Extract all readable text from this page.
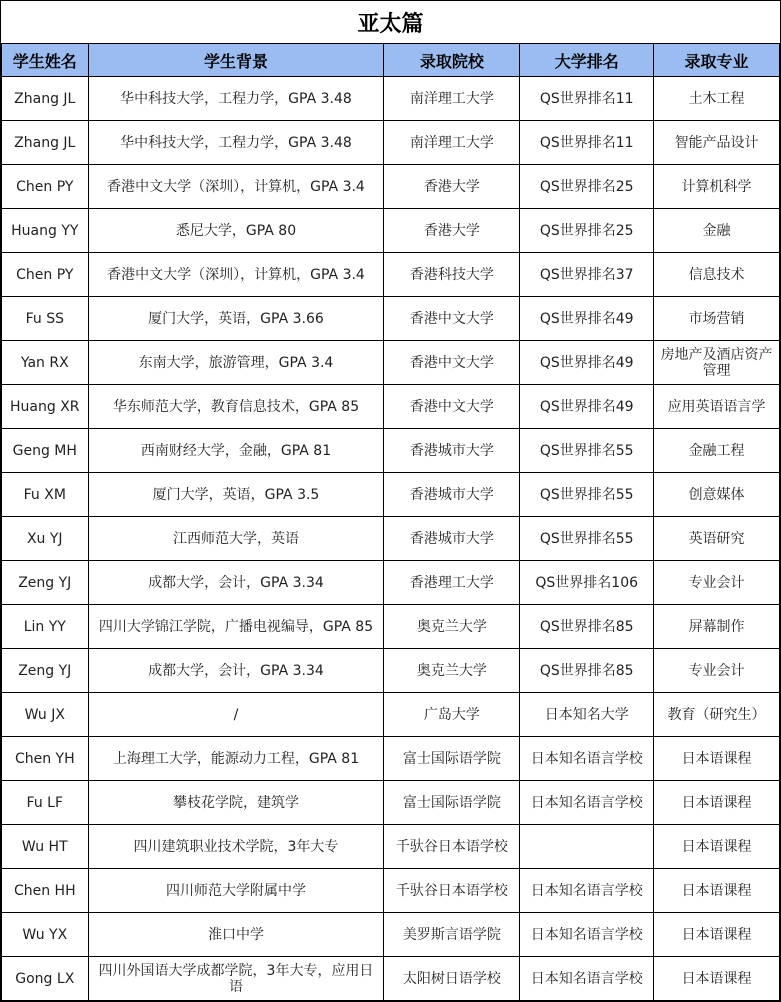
亚太篇				
学生姓名	学生背景	录取院校	大学排名	录取专业
Zhang JL	华中科技大学，工程力学，GPA 3.48	南洋理工大学	QS世界排名11	土木工程
Zhang JL	华中科技大学，工程力学，GPA 3.48	南洋理工大学	QS世界排名11	智能产品设计
Chen PY	香港中文大学（深圳），计算机，GPA 3.4	香港大学	QS世界排名25	计算机科学
Huang YY	悉尼大学，GPA 80	香港大学	QS世界排名25	金融
Chen PY	香港中文大学（深圳），计算机，GPA 3.4	香港科技大学	QS世界排名37	信息技术
Fu SS	厦门大学，英语，GPA 3.66	香港中文大学	QS世界排名49	市场营销
Yan RX	东南大学，旅游管理，GPA 3.4	香港中文大学	QS世界排名49	房地产及酒店资产管理
Huang XR	华东师范大学，教育信息技术，GPA 85	香港中文大学	QS世界排名49	应用英语语言学
Geng MH	西南财经大学，金融，GPA 81	香港城市大学	QS世界排名55	金融工程
Fu XM	厦门大学，英语，GPA 3.5	香港城市大学	QS世界排名55	创意媒体
Xu YJ	江西师范大学，英语	香港城市大学	QS世界排名55	英语研究
Zeng YJ	成都大学，会计，GPA 3.34	香港理工大学	QS世界排名106	专业会计
Lin YY	四川大学锦江学院，广播电视编导，GPA 85	奥克兰大学	QS世界排名85	屏幕制作
Zeng YJ	成都大学，会计，GPA 3.34	奥克兰大学	QS世界排名85	专业会计
Wu JX	/	广岛大学	日本知名大学	教育（研究生）
Chen YH	上海理工大学，能源动力工程，GPA 81	富士国际语学院	日本知名语言学校	日本语课程
Fu LF	攀枝花学院，建筑学	富士国际语学院	日本知名语言学校	日本语课程
Wu HT	四川建筑职业技术学院，3年大专	千驮谷日本语学校		日本语课程
Chen HH	四川师范大学附属中学	千驮谷日本语学校	日本知名语言学校	日本语课程
Wu YX	淮口中学	美罗斯言语学院	日本知名语言学校	日本语课程
Gong LX	四川外国语大学成都学院，3年大专，应用日语	太阳树日语学校	日本知名语言学校	日本语课程
